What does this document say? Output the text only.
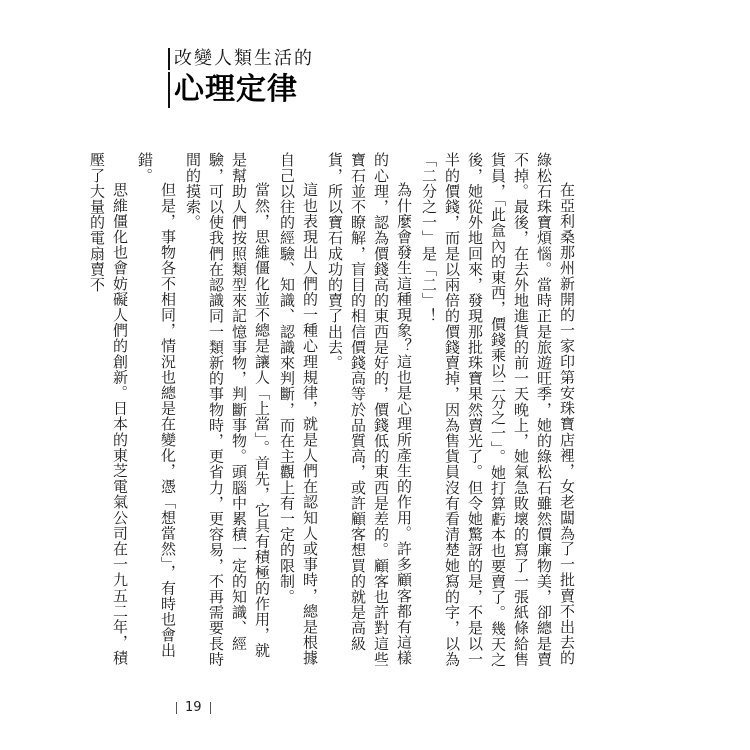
改變人類生活的
心理定律

在亞利桑那州新開的一家印第安珠寶店裡，女老闆為了一批賣不出去的綠松石珠寶煩惱。當時正是旅遊旺季，她的綠松石雖然價廉物美，卻總是賣不掉。最後，在去外地進貨的前一天晚上，她氣急敗壞的寫了一張紙條給售貨員，「此盒內的東西，價錢乘以二分之一」。她打算虧本也要賣了。幾天之後，她從外地回來，發現那批珠寶果然賣光了。但令她驚訝的是，不是以一半的價錢，而是以兩倍的價錢賣掉，因為售貨員沒有看清楚她寫的字，以為「二分之一」是「二」！

為什麼會發生這種現象？這也是心理所產生的作用。許多顧客都有這樣的心理，認為價錢高的東西是好的，價錢低的東西是差的。顧客也許對這些寶石並不瞭解，盲目的相信價錢高等於品質高，或許顧客想買的就是高級貨，所以寶石成功的賣了出去。

這也表現出人們的一種心理規律，就是人們在認知人或事時，總是根據自己以往的經驗、知識、認識來判斷，而在主觀上有一定的限制。

當然，思維僵化並不總是讓人「上當」。首先，它具有積極的作用，就是幫助人們按照類型來記憶事物，判斷事物。頭腦中累積一定的知識、經驗，可以使我們在認識同一類新的事物時，更省力，更容易，不再需要長時間的摸索。

但是，事物各不相同，情況也總是在變化，憑「想當然」，有時也會出錯。

思維僵化也會妨礙人們的創新。日本的東芝電氣公司在一九五二年，積壓了大量的電扇賣不

19
